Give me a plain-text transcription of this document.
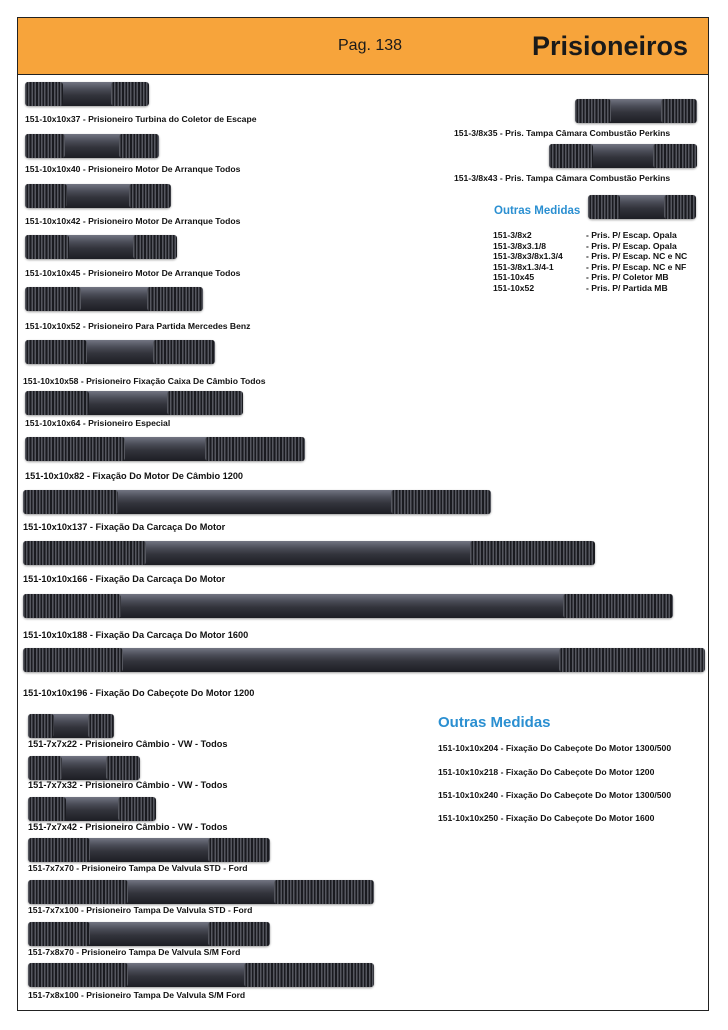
Pag. 138	Prisioneiros
151-10x10x37 - Prisioneiro Turbina do Coletor de Escape
151-10x10x40 - Prisioneiro Motor De Arranque Todos
151-10x10x42 - Prisioneiro Motor De Arranque Todos
151-10x10x45 - Prisioneiro Motor De Arranque Todos
151-10x10x52 - Prisioneiro Para Partida Mercedes Benz
151-10x10x58 - Prisioneiro Fixação Caixa De Câmbio Todos
151-10x10x64 - Prisioneiro Especial
151-10x10x82 - Fixação Do Motor De Câmbio 1200
151-10x10x137 - Fixação Da Carcaça Do Motor
151-10x10x166 - Fixação Da Carcaça Do Motor
151-10x10x188 - Fixação Da Carcaça Do Motor 1600
151-10x10x196 - Fixação Do Cabeçote Do Motor 1200
151-7x7x22 - Prisioneiro Câmbio - VW - Todos
151-7x7x32 - Prisioneiro Câmbio - VW - Todos
151-7x7x42 - Prisioneiro Câmbio - VW - Todos
151-7x7x70 - Prisioneiro Tampa De Valvula STD - Ford
151-7x7x100 - Prisioneiro Tampa De Valvula STD - Ford
151-7x8x70 - Prisioneiro Tampa De Valvula S/M Ford
151-7x8x100 - Prisioneiro Tampa De Valvula S/M Ford
151-3/8x35 - Pris. Tampa Câmara Combustão Perkins
151-3/8x43 - Pris. Tampa Câmara Combustão Perkins
Outras Medidas
151-3/8x2	- Pris. P/ Escap. Opala
151-3/8x3.1/8	- Pris. P/ Escap. Opala
151-3/8x3/8x1.3/4	- Pris. P/ Escap. NC e NC
151-3/8x1.3/4-1	- Pris. P/ Escap. NC e NF
151-10x45	- Pris. P/ Coletor MB
151-10x52	- Pris. P/ Partida MB
Outras Medidas
151-10x10x204 - Fixação Do Cabeçote Do Motor 1300/500
151-10x10x218 - Fixação Do Cabeçote Do Motor 1200
151-10x10x240 - Fixação Do Cabeçote Do Motor 1300/500
151-10x10x250 - Fixação Do Cabeçote Do Motor 1600
